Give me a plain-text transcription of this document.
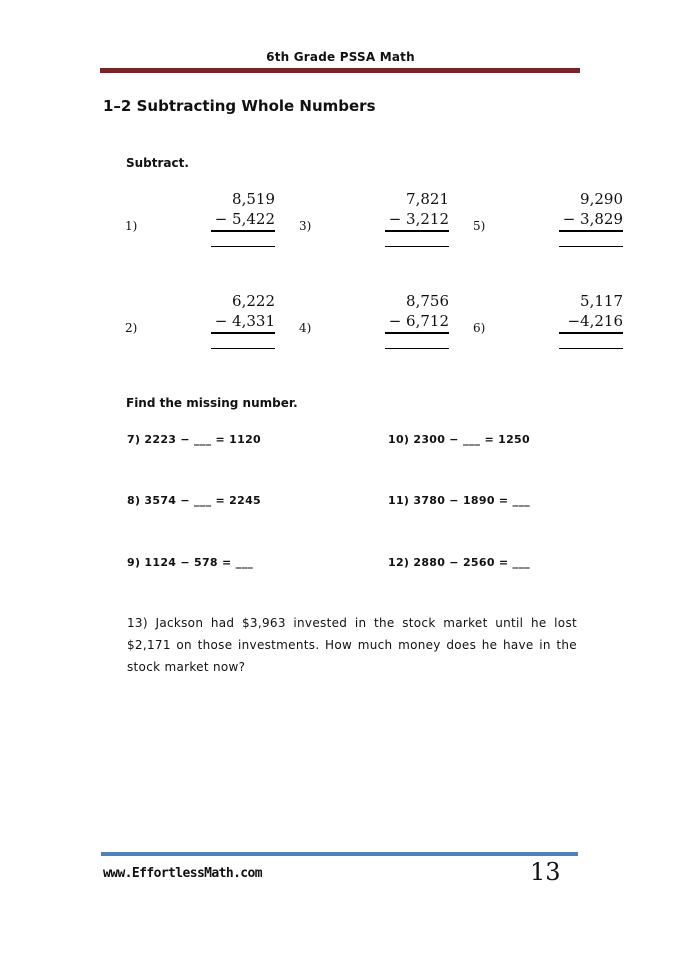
6th Grade PSSA Math
1–2 Subtracting Whole Numbers
Subtract.
1)
8,519
− 5,422 3)
7,821
− 3,212 5)
9,290
− 3,829
2)
6,222
− 4,331 4)
8,756
− 6,712 6)
5,117
−4,216
Find the missing number.
7) 2223 − ___ = 1120
8) 3574 − ___ = 2245
9) 1124 − 578 = ___
10) 2300 − ___ = 1250
11) 3780 − 1890 = ___
12) 2880 − 2560 = ___
13) Jackson had $3,963 invested in the stock market until he lost $2,171 on those investments. How much money does he have in the stock market now?
www.EffortlessMath.com	13
